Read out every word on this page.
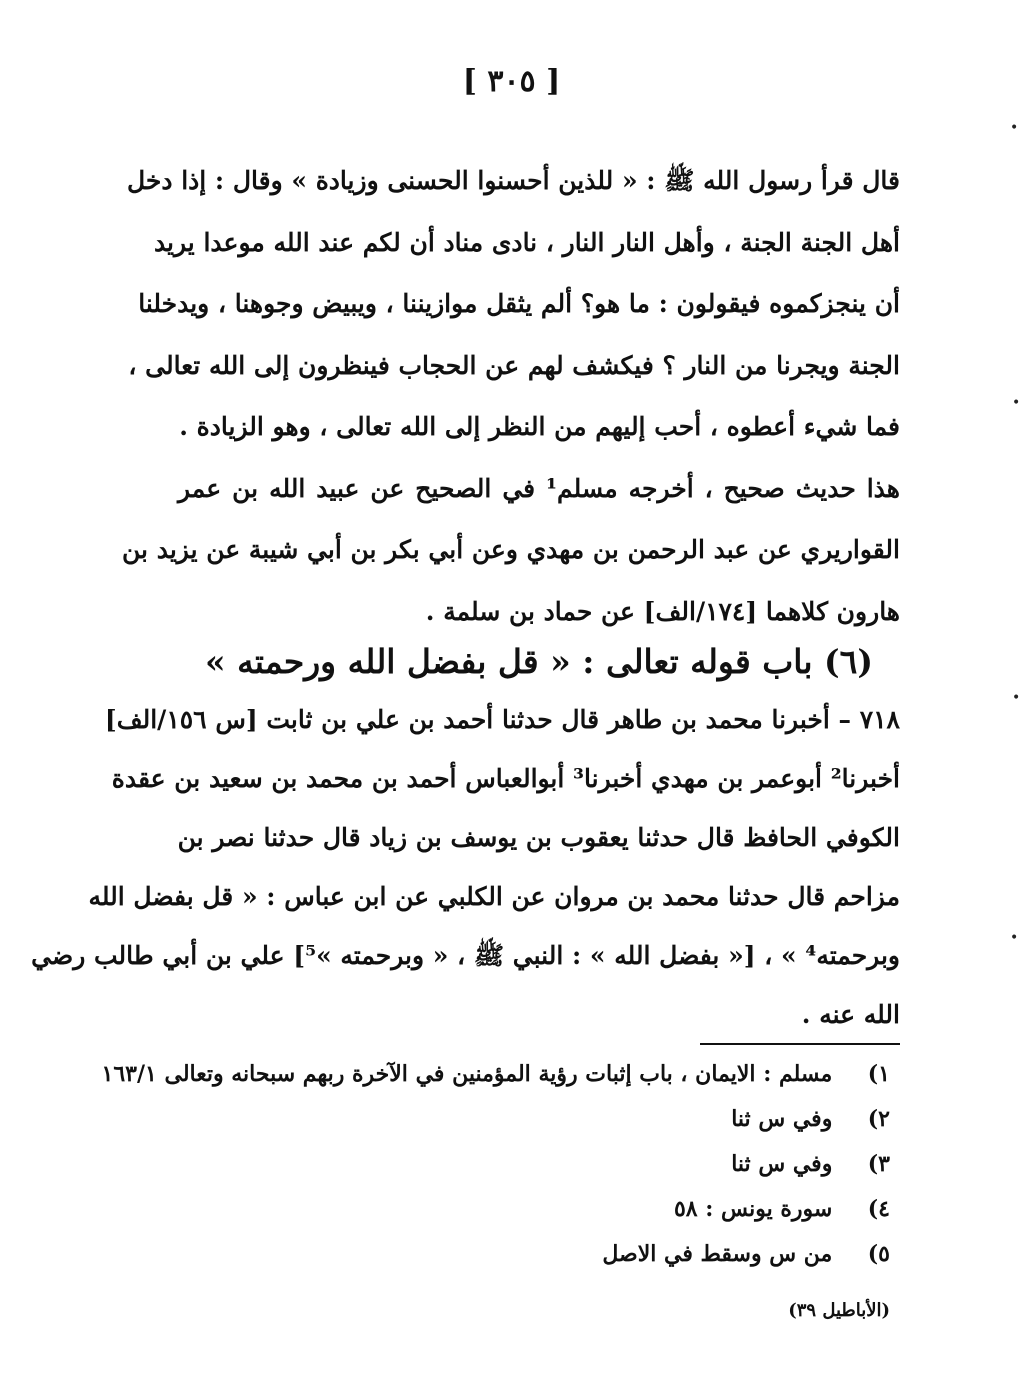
[ ٣٠٥ ]

قال قرأ رسول الله ﷺ : « للذين أحسنوا الحسنى وزيادة » وقال : إذا دخل
أهل الجنة الجنة ، وأهل النار النار ، نادى مناد أن لكم عند الله موعدا يريد
أن ينجزكموه فيقولون : ما هو؟ ألم يثقل موازيننا ، ويبيض وجوهنا ، ويدخلنا
الجنة ويجرنا من النار ؟ فيكشف لهم عن الحجاب فينظرون إلى الله تعالى ،
فما شيء أعطوه ، أحب إليهم من النظر إلى الله تعالى ، وهو الزيادة .

هذا حديث صحيح ، أخرجه مسلم¹ في الصحيح عن عبيد الله بن عمر
القواريري عن عبد الرحمن بن مهدي وعن أبي بكر بن أبي شيبة عن يزيد بن
هارون كلاهما [١٧٤/الف] عن حماد بن سلمة .

(٦) باب قوله تعالى : « قل بفضل الله ورحمته »
٧١٨ – أخبرنا محمد بن طاهر قال حدثنا أحمد بن علي بن ثابت [س ١٥٦/الف]
أخبرنا² أبوعمر بن مهدي أخبرنا³ أبوالعباس أحمد بن محمد بن سعيد بن عقدة
الكوفي الحافظ قال حدثنا يعقوب بن يوسف بن زياد قال حدثنا نصر بن
مزاحم قال حدثنا محمد بن مروان عن الكلبي عن ابن عباس : « قل بفضل الله
وبرحمته⁴ » ، [« بفضل الله » : النبي ﷺ ، « وبرحمته »⁵] علي بن أبي طالب رضي
الله عنه .
١) مسلم : الايمان ، باب إثبات رؤية المؤمنين في الآخرة ربهم سبحانه وتعالى ١٦٣/١
٢) وفي س ثنا
٣) وفي س ثنا
٤) سورة يونس : ٥٨
٥) من س وسقط في الاصل
(الأباطيل ٣٩)
•
•
•
•
